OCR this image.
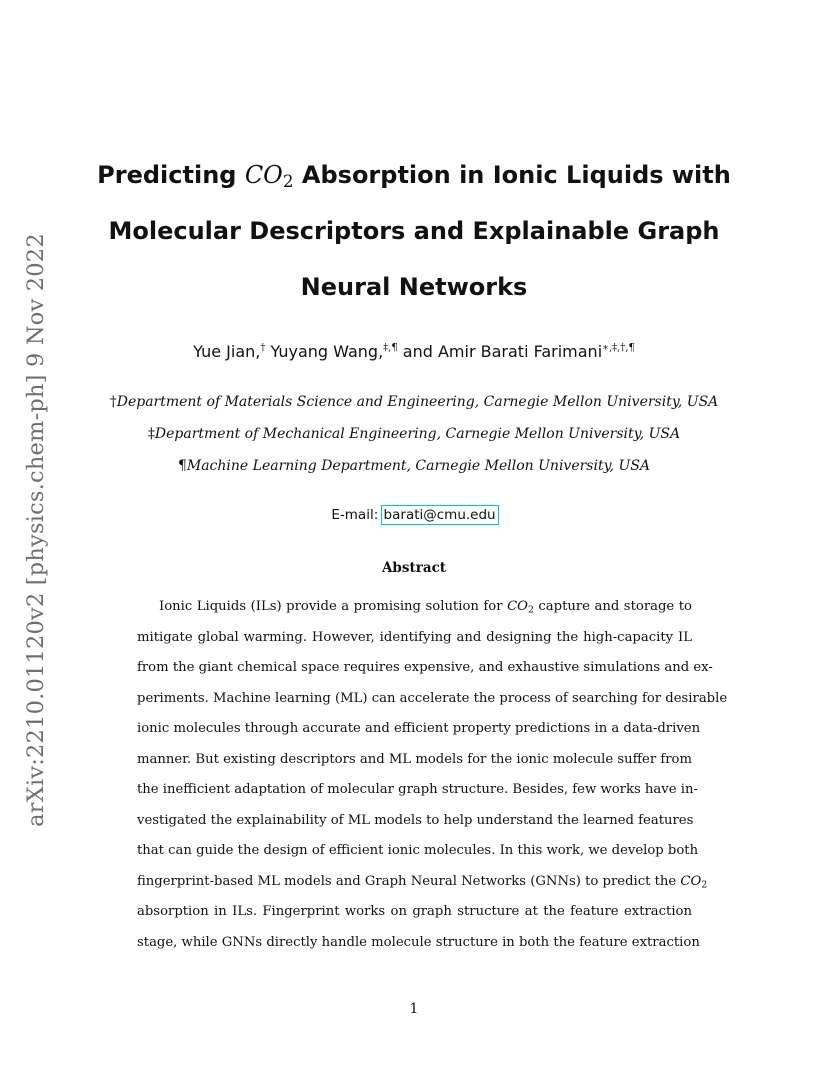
arXiv:2210.01120v2 [physics.chem-ph] 9 Nov 2022
Predicting $CO_2$ Absorption in Ionic Liquids with
Molecular Descriptors and Explainable Graph
Neural Networks
Yue Jian,† Yuyang Wang,‡,¶ and Amir Barati Farimani∗,‡,†,¶
†Department of Materials Science and Engineering, Carnegie Mellon University, USA
‡Department of Mechanical Engineering, Carnegie Mellon University, USA
¶Machine Learning Department, Carnegie Mellon University, USA
E-mail: barati@cmu.edu
Abstract
Ionic Liquids (ILs) provide a promising solution for $CO_2$ capture and storage to
mitigate global warming. However, identifying and designing the high-capacity IL
from the giant chemical space requires expensive, and exhaustive simulations and ex-
periments. Machine learning (ML) can accelerate the process of searching for desirable
ionic molecules through accurate and efficient property predictions in a data-driven
manner. But existing descriptors and ML models for the ionic molecule suffer from
the inefficient adaptation of molecular graph structure. Besides, few works have in-
vestigated the explainability of ML models to help understand the learned features
that can guide the design of efficient ionic molecules. In this work, we develop both
fingerprint-based ML models and Graph Neural Networks (GNNs) to predict the $CO_2$
absorption in ILs. Fingerprint works on graph structure at the feature extraction
stage, while GNNs directly handle molecule structure in both the feature extraction
1
